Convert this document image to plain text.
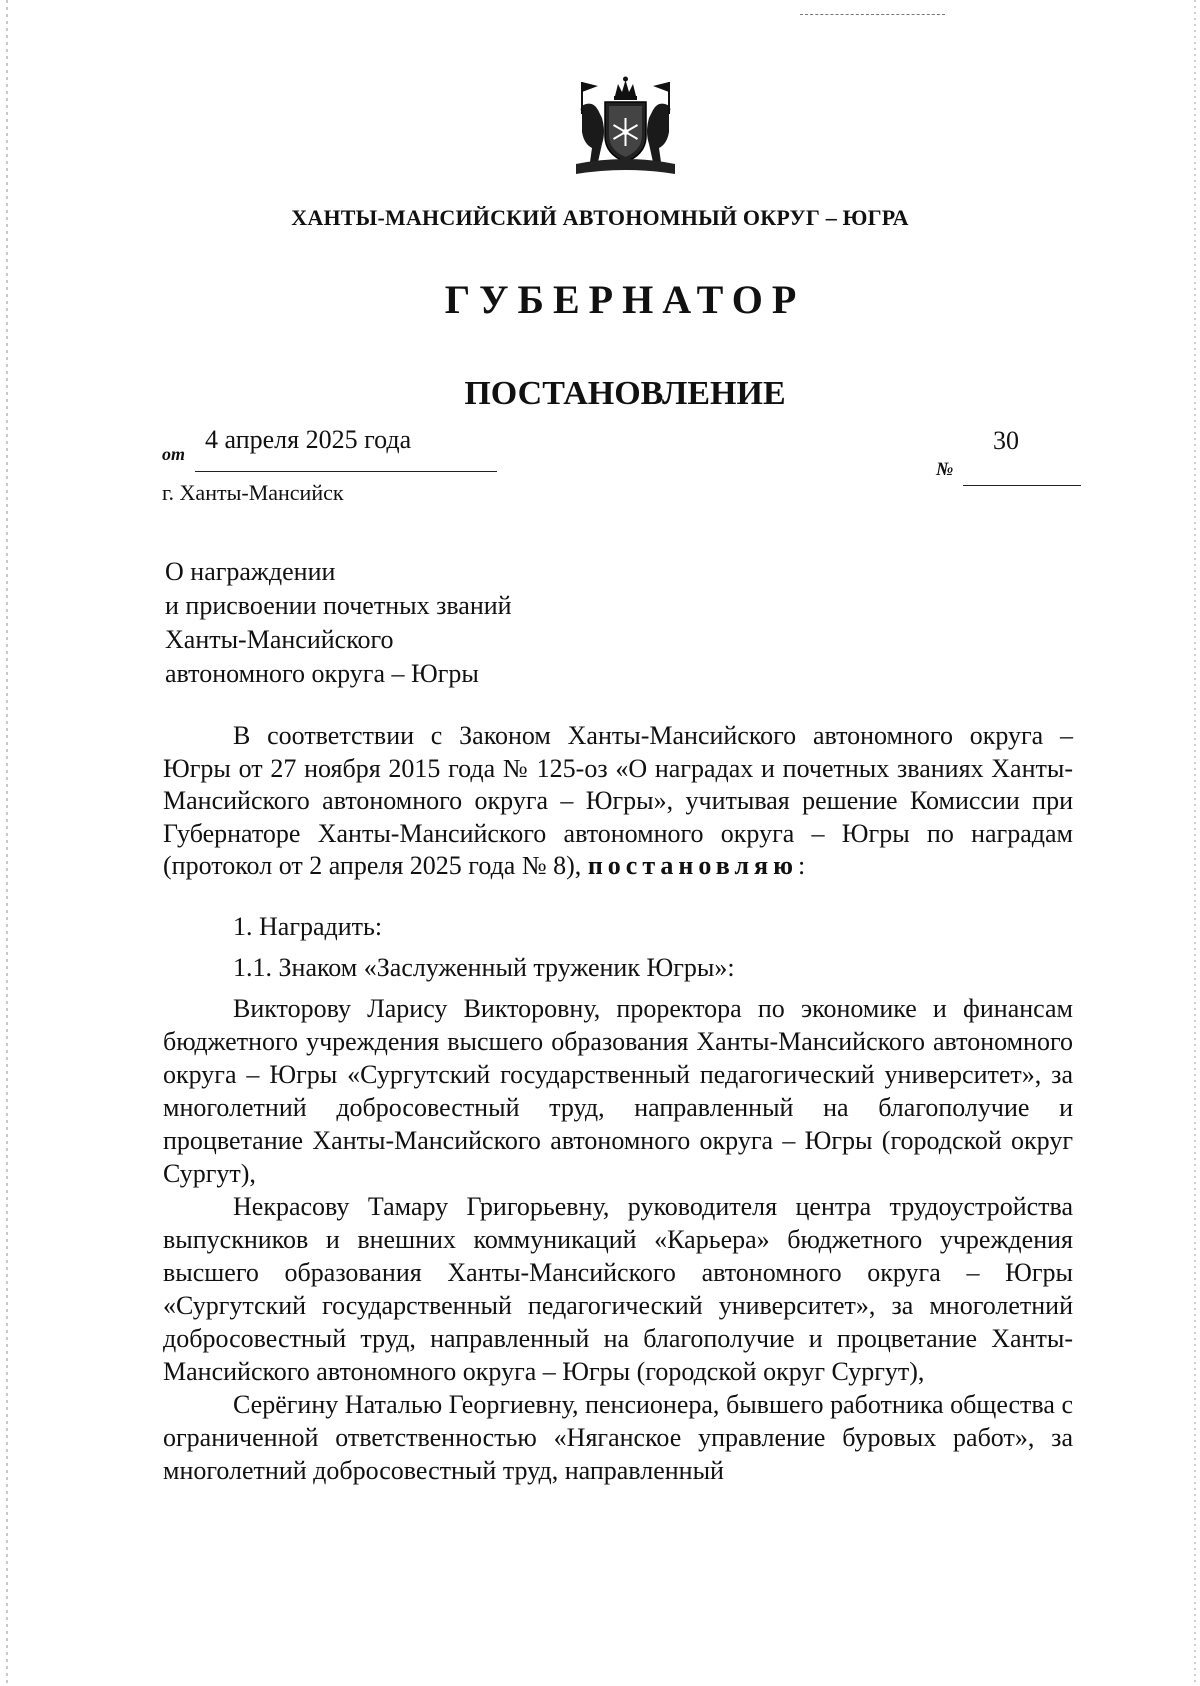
ХАНТЫ-МАНСИЙСКИЙ АВТОНОМНЫЙ ОКРУГ – ЮГРА
ГУБЕРНАТОР
ПОСТАНОВЛЕНИЕ
от 4 апреля 2025 года
№
30
г. Ханты-Мансийск
О награждении
и присвоении почетных званий
Ханты-Мансийского
автономного округа – Югры

В соответствии с Законом Ханты-Мансийского автономного округа – Югры от 27 ноября 2015 года № 125-оз «О наградах и почетных званиях Ханты-Мансийского автономного округа – Югры», учитывая решение Комиссии при Губернаторе Ханты-Мансийского автономного округа – Югры по наградам (протокол от 2 апреля 2025 года № 8), постановляю:

1. Наградить:

1.1. Знаком «Заслуженный труженик Югры»:

Викторову Ларису Викторовну, проректора по экономике и финансам бюджетного учреждения высшего образования Ханты-Мансийского автономного округа – Югры «Сургутский государственный педагогический университет», за многолетний добросовестный труд, направленный на благополучие и процветание Ханты-Мансийского автономного округа – Югры (городской округ Сургут),

Некрасову Тамару Григорьевну, руководителя центра трудоустройства выпускников и внешних коммуникаций «Карьера» бюджетного учреждения высшего образования Ханты-Мансийского автономного округа – Югры «Сургутский государственный педагогический университет», за многолетний добросовестный труд, направленный на благополучие и процветание Ханты-Мансийского автономного округа – Югры (городской округ Сургут),

Серёгину Наталью Георгиевну, пенсионера, бывшего работника общества с ограниченной ответственностью «Няганское управление буровых работ», за многолетний добросовестный труд, направленный
